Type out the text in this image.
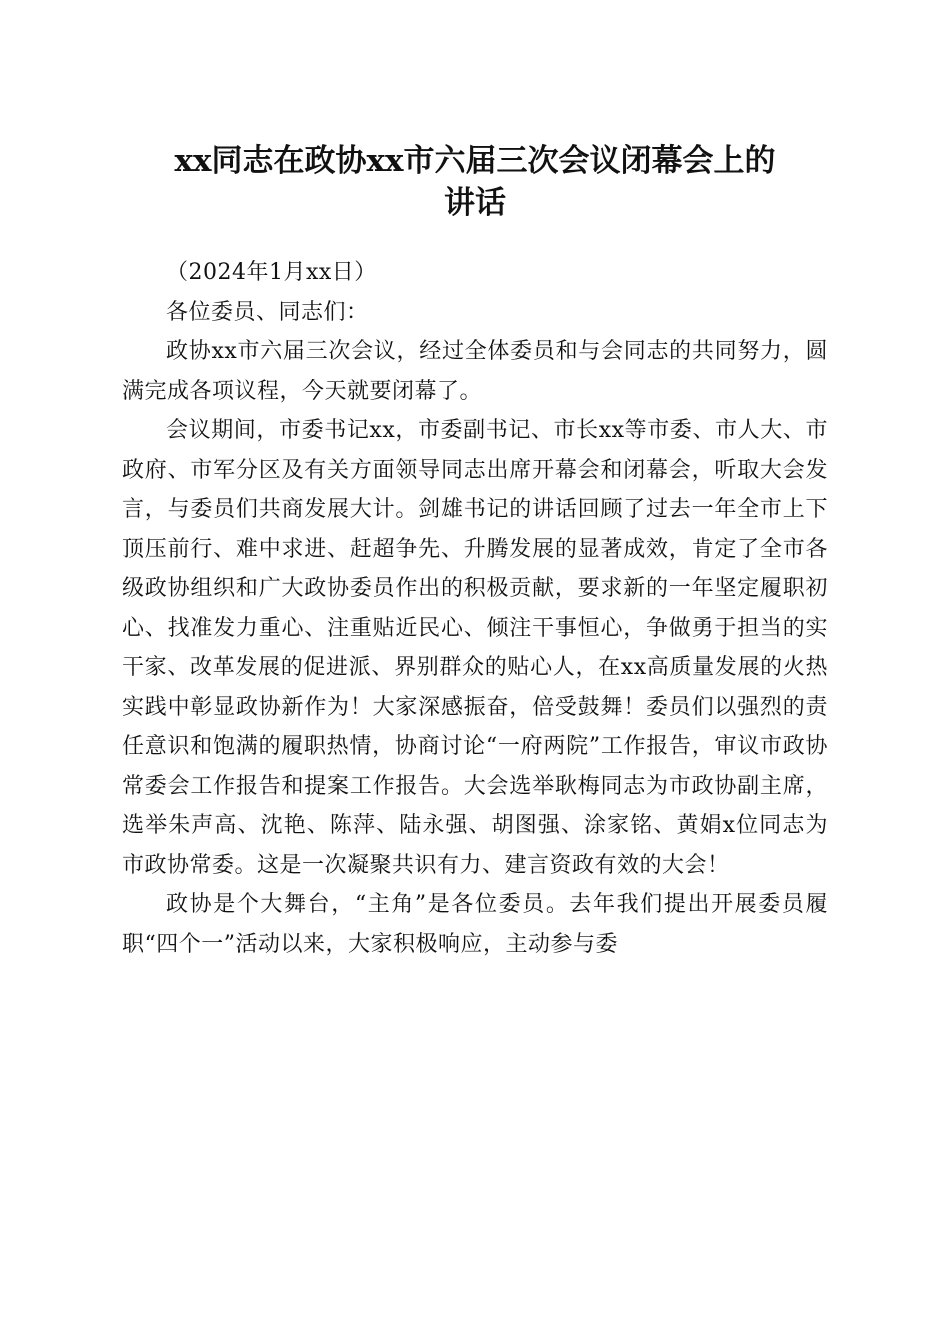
xx同志在政协xx市六届三次会议闭幕会上的
讲话

（2024年1月xx日）

各位委员、同志们：

政协xx市六届三次会议，经过全体委员和与会同志的共同努力，圆满完成各项议程，今天就要闭幕了。

会议期间，市委书记xx，市委副书记、市长xx等市委、市人大、市政府、市军分区及有关方面领导同志出席开幕会和闭幕会，听取大会发言，与委员们共商发展大计。剑雄书记的讲话回顾了过去一年全市上下顶压前行、难中求进、赶超争先、升腾发展的显著成效，肯定了全市各级政协组织和广大政协委员作出的积极贡献，要求新的一年坚定履职初心、找准发力重心、注重贴近民心、倾注干事恒心，争做勇于担当的实干家、改革发展的促进派、界别群众的贴心人，在xx高质量发展的火热实践中彰显政协新作为！大家深感振奋，倍受鼓舞！委员们以强烈的责任意识和饱满的履职热情，协商讨论“一府两院”工作报告，审议市政协常委会工作报告和提案工作报告。大会选举耿梅同志为市政协副主席，选举朱声高、沈艳、陈萍、陆永强、胡图强、涂家铭、黄娟x位同志为市政协常委。这是一次凝聚共识有力、建言资政有效的大会！

政协是个大舞台，“主角”是各位委员。去年我们提出开展委员履职“四个一”活动以来，大家积极响应，主动参与委
